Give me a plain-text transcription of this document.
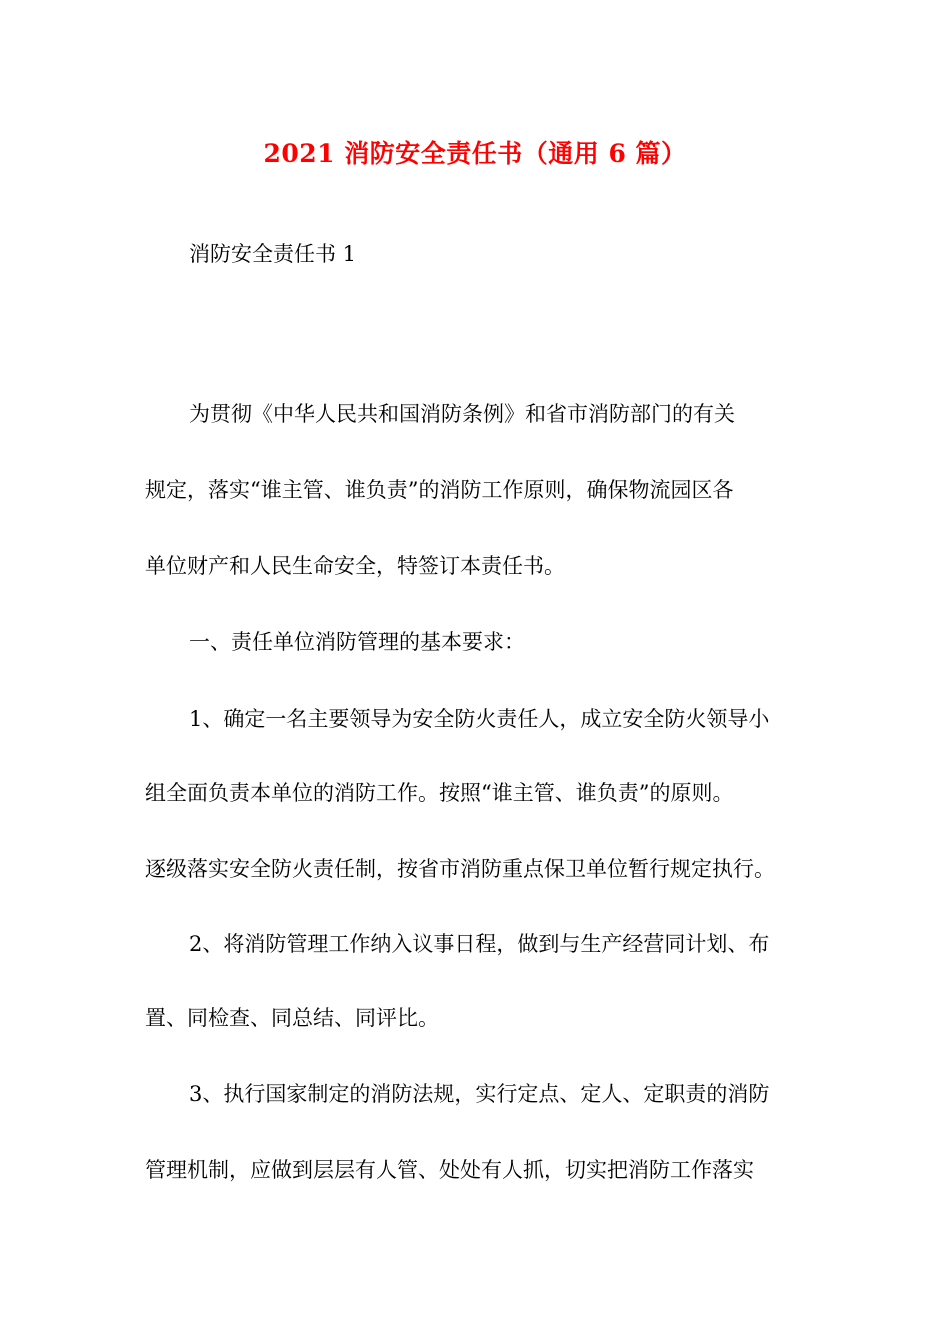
2021 消防安全责任书（通用 6 篇）

消防安全责任书 1

为贯彻《中华人民共和国消防条例》和省市消防部门的有关

规定，落实“谁主管、谁负责”的消防工作原则，确保物流园区各

单位财产和人民生命安全，特签订本责任书。

一、责任单位消防管理的基本要求：

1、确定一名主要领导为安全防火责任人，成立安全防火领导小

组全面负责本单位的消防工作。按照“谁主管、谁负责”的原则。

逐级落实安全防火责任制，按省市消防重点保卫单位暂行规定执行。

2、将消防管理工作纳入议事日程，做到与生产经营同计划、布

置、同检查、同总结、同评比。

3、执行国家制定的消防法规，实行定点、定人、定职责的消防

管理机制，应做到层层有人管、处处有人抓，切实把消防工作落实
